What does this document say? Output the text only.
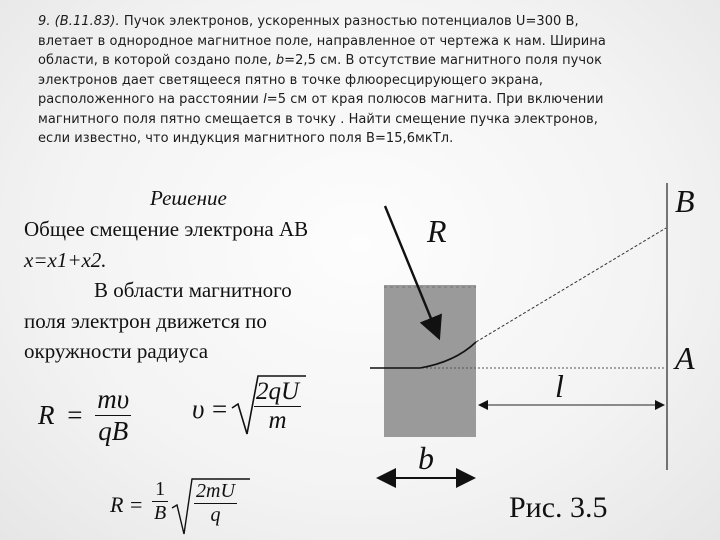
9. (В.11.83). Пучок электронов, ускоренных разностью потенциалов U=300 В,
влетает в однородное магнитное поле, направленное от чертежа к нам. Ширина
области, в которой создано поле, b=2,5 см. В отсутствие магнитного поля пучок
электронов дает светящееся пятно в точке флюоресцирующего экрана,
расположенного на расстоянии l=5 см от края полюсов магнита. При включении
магнитного поля пятно смещается в точку . Найти смещение пучка электронов,
если известно, что индукция магнитного поля В=15,6мкТл.
Решение
Общее смещение электрона АВ
х=х1+х2.
В области магнитного
поля электрон движется по
окружности радиуса
$R = \frac{m\upsilon}{qB}$ $\upsilon = \frac{2qU}{m}$
$R = \frac{1}{B} \frac{2mU}{q}$
R
B
A
l
b
Рис. 3.5
